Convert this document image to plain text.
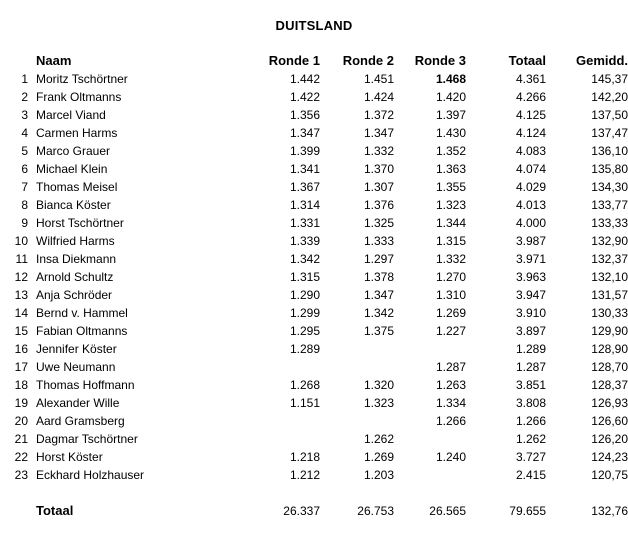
DUITSLAND
	Naam	Ronde 1	Ronde 2	Ronde 3	Totaal	Gemidd.
1	Moritz Tschörtner	1.442	1.451	1.468	4.361	145,37
2	Frank Oltmanns	1.422	1.424	1.420	4.266	142,20
3	Marcel Viand	1.356	1.372	1.397	4.125	137,50
4	Carmen Harms	1.347	1.347	1.430	4.124	137,47
5	Marco Grauer	1.399	1.332	1.352	4.083	136,10
6	Michael Klein	1.341	1.370	1.363	4.074	135,80
7	Thomas Meisel	1.367	1.307	1.355	4.029	134,30
8	Bianca Köster	1.314	1.376	1.323	4.013	133,77
9	Horst Tschörtner	1.331	1.325	1.344	4.000	133,33
10	Wilfried Harms	1.339	1.333	1.315	3.987	132,90
11	Insa Diekmann	1.342	1.297	1.332	3.971	132,37
12	Arnold Schultz	1.315	1.378	1.270	3.963	132,10
13	Anja Schröder	1.290	1.347	1.310	3.947	131,57
14	Bernd v. Hammel	1.299	1.342	1.269	3.910	130,33
15	Fabian Oltmanns	1.295	1.375	1.227	3.897	129,90
16	Jennifer Köster	1.289			1.289	128,90
17	Uwe Neumann			1.287	1.287	128,70
18	Thomas Hoffmann	1.268	1.320	1.263	3.851	128,37
19	Alexander Wille	1.151	1.323	1.334	3.808	126,93
20	Aard Gramsberg			1.266	1.266	126,60
21	Dagmar Tschörtner		1.262		1.262	126,20
22	Horst Köster	1.218	1.269	1.240	3.727	124,23
23	Eckhard Holzhauser	1.212	1.203		2.415	120,75

	Totaal	26.337	26.753	26.565	79.655	132,76
